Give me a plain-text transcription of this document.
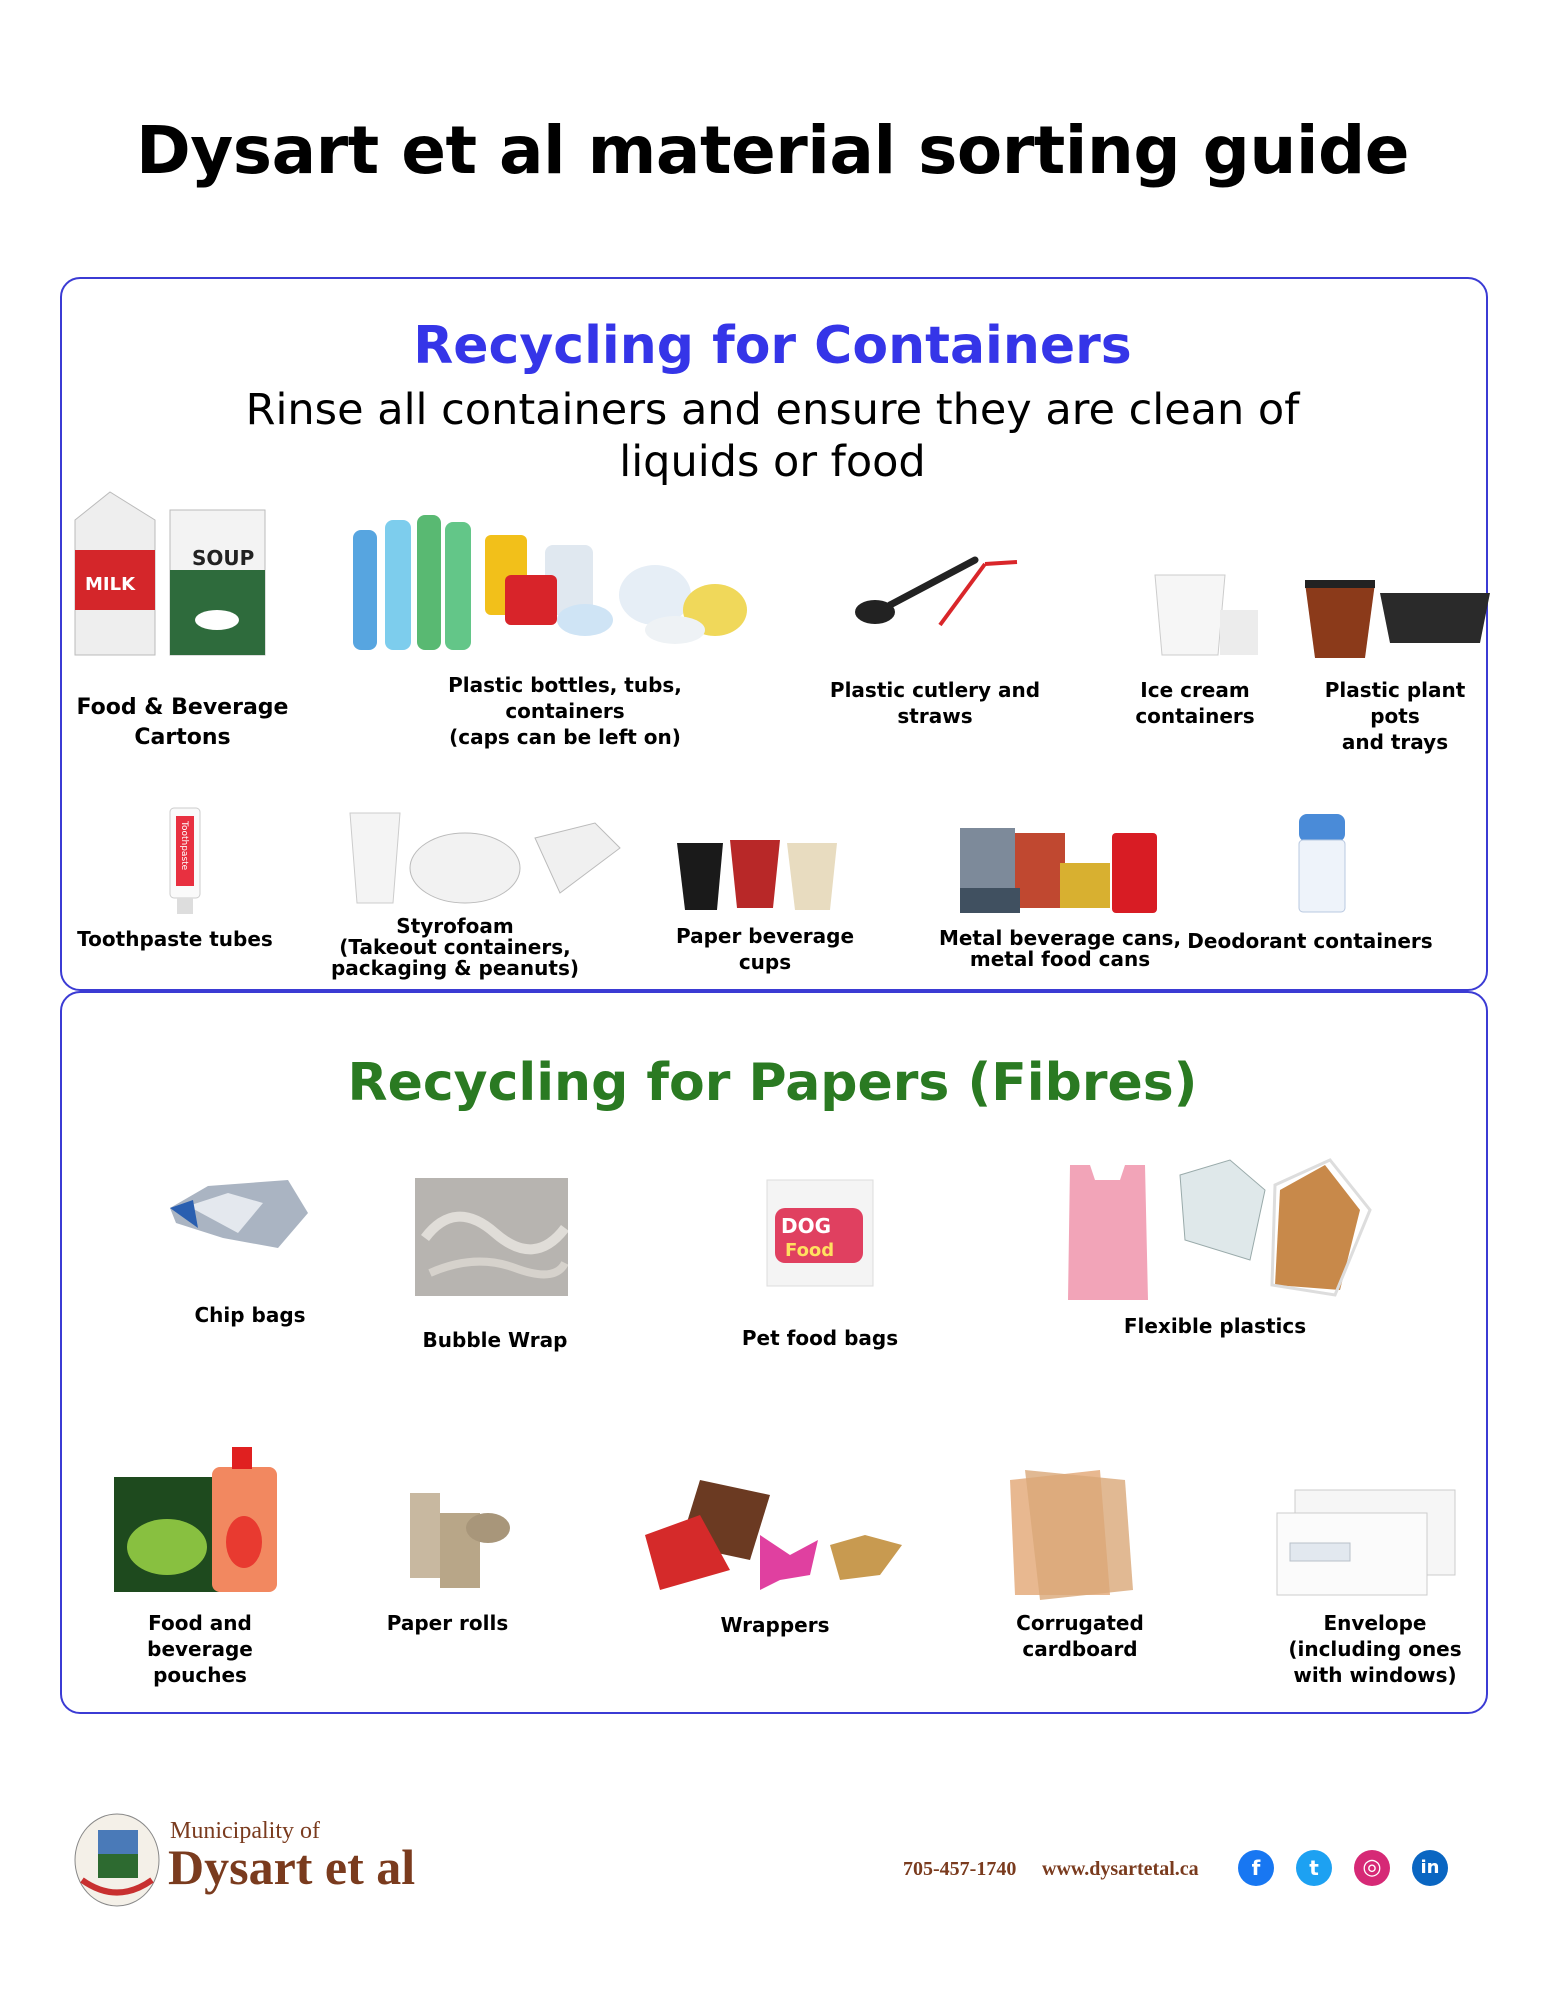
Dysart et al material sorting guide
Recycling for Containers
Rinse all containers and ensure they are clean of liquids or food
MILK
SOUP
Food & Beverage
Cartons
Plastic bottles, tubs, containers
(caps can be left on)
Plastic cutlery and straws
Ice cream
containers
Plastic plant pots
and trays
Toothpaste
Toothpaste tubes
Styrofoam
(Takeout containers,
packaging & peanuts)
Paper beverage
cups
Metal beverage cans,
metal food cans
Deodorant containers
Recycling for Papers (Fibres)
DOG
Food
Chip bags
Bubble Wrap	Pet food bags	Flexible plastics
Food and beverage
pouches
Paper rolls	Wrappers	Corrugated cardboard
Envelope
(including ones
with windows)
Municipality of
Dysart et al	705-457-1740 www.dysartetal.ca	f	t	◎	in
